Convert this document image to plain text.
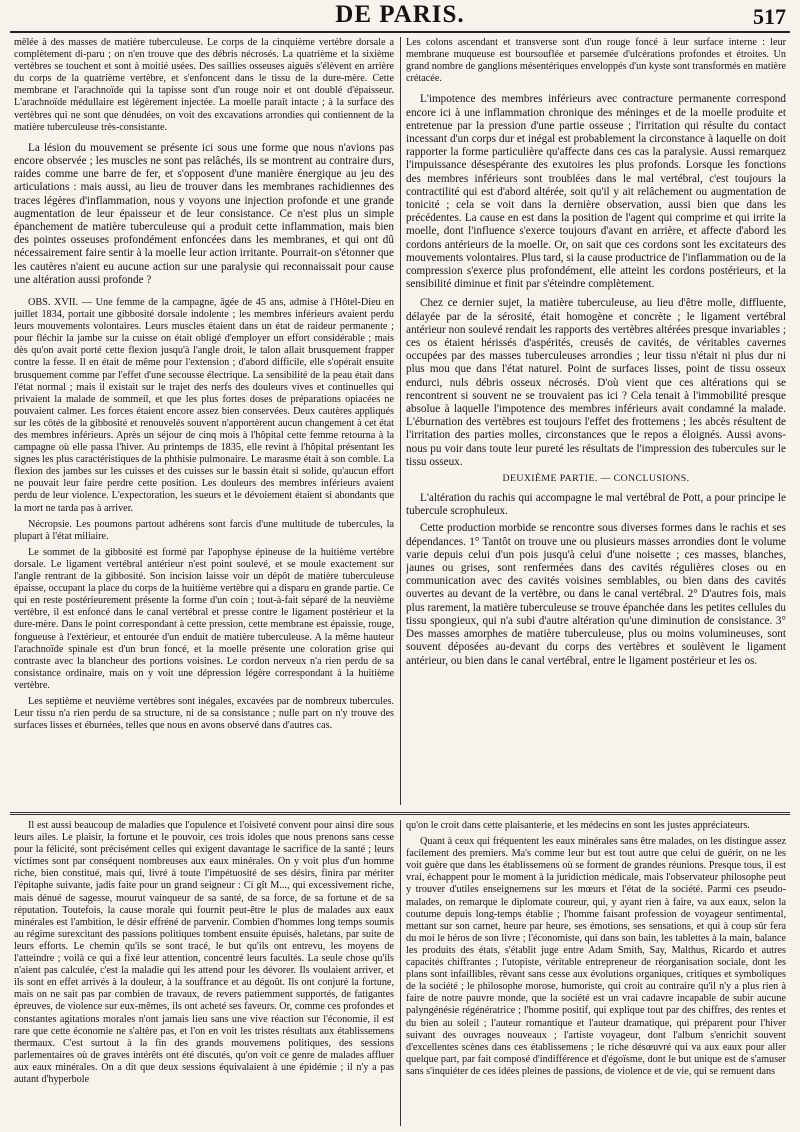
DE PARIS.	517

mêlée à des masses de matière tuberculeuse. Le corps de la cinquième vertèbre dorsale a complètement di-paru ; on n'en trouve que des débris nécrosés. La quatrième et la sixième vertèbres se touchent et sont à moitié usées. Des saillies osseuses aiguës s'élèvent en arrière du corps de la quatrième vertèbre, et s'enfoncent dans le tissu de la dure-mère. Cette membrane et l'arachnoïde qui la tapisse sont d'un rouge noir et ont doublé d'épaisseur. L'arachnoïde médullaire est légèrement injectée. La moelle paraît intacte ; à la surface des vertèbres qui ne sont que dénudées, on voit des excavations arrondies qui contiennent de la matière tuberculeuse très-consistante.

La lésion du mouvement se présente ici sous une forme que nous n'avions pas encore observée ; les muscles ne sont pas relâchés, ils se montrent au contraire durs, raides comme une barre de fer, et s'opposent d'une manière énergique au jeu des articulations : mais aussi, au lieu de trouver dans les membranes rachidiennes des traces légères d'inflammation, nous y voyons une injection profonde et une grande augmentation de leur épaisseur et de leur consistance. Ce n'est plus un simple épanchement de matière tuberculeuse qui a produit cette inflammation, mais bien des pointes osseuses profondément enfoncées dans les membranes, et qui ont dû nécessairement faire sentir à la moelle leur action irritante. Pourrait-on s'étonner que les cautères n'aient eu aucune action sur une paralysie qui reconnaissait pour cause une altération aussi profonde ?

OBS. XVII. — Une femme de la campagne, âgée de 45 ans, admise à l'Hôtel-Dieu en juillet 1834, portait une gibbosité dorsale indolente ; les membres inférieurs avaient perdu leurs mouvements volontaires. Leurs muscles étaient dans un état de raideur permanente ; pour fléchir la jambe sur la cuisse on était obligé d'employer un effort considérable ; mais dès qu'on avait porté cette flexion jusqu'à l'angle droit, le talon allait brusquement frapper contre la fesse. Il en était de même pour l'extension ; d'abord difficile, elle s'opérait ensuite brusquement comme par l'effet d'une secousse électrique. La sensibilité de la peau était dans l'état normal ; mais il existait sur le trajet des nerfs des douleurs vives et continuelles qui privaient la malade de sommeil, et que les plus fortes doses de préparations opiacées ne pouvaient calmer. Les forces étaient encore assez bien conservées. Deux cautères appliqués sur les côtés de la gibbosité et renouvelés souvent n'apportèrent aucun changement à cet état des membres inférieurs. Après un séjour de cinq mois à l'hôpital cette femme retourna à la campagne où elle passa l'hiver. Au printemps de 1835, elle revint à l'hôpital présentant les signes les plus caractéristiques de la phthisie pulmonaire. Le marasme était à son comble. La flexion des jambes sur les cuisses et des cuisses sur le bassin était si solide, qu'aucun effort ne pouvait leur faire perdre cette position. Les douleurs des membres inférieurs avaient perdu de leur violence. L'expectoration, les sueurs et le dévoiement étaient si abondants que la mort ne tarda pas à arriver.

Nécropsie. Les poumons partout adhérens sont farcis d'une multitude de tubercules, la plupart à l'état miliaire.

Le sommet de la gibbosité est formé par l'apophyse épineuse de la huitième vertèbre dorsale. Le ligament vertébral antérieur n'est point soulevé, et se moule exactement sur l'angle rentrant de la gibbosité. Son incision laisse voir un dépôt de matière tuberculeuse épaisse, occupant la place du corps de la huitième vertèbre qui a disparu en grande partie. Ce qui en reste postérieurement présente la forme d'un coin ; tout-à-fait séparé de la neuvième vertèbre, il est enfoncé dans le canal vertébral et presse contre le ligament postérieur et la dure-mère. Dans le point correspondant à cette pression, cette membrane est épaissie, rouge, fongueuse à l'extérieur, et entourée d'un enduit de matière tuberculeuse. A la même hauteur l'arachnoïde spinale est d'un brun foncé, et la moelle présente une coloration grise qui contraste avec la blancheur des portions voisines. Le cordon nerveux n'a rien perdu de sa consistance ordinaire, mais on y voit une dépression légère correspondant à la huitième vertèbre.

Les septième et neuvième vertèbres sont inégales, excavées par de nombreux tubercules. Leur tissu n'a rien perdu de sa structure, ni de sa consistance ; nulle part on n'y trouve des surfaces lisses et éburnées, telles que nous en avons observé dans d'autres cas.

Les colons ascendant et transverse sont d'un rouge foncé à leur surface interne : leur membrane muqueuse est boursouflée et parsemée d'ulcérations profondes et étroites. Un grand nombre de ganglions mésentériques enveloppés d'un kyste sont transformés en matière crétacée.

L'impotence des membres inférieurs avec contracture permanente correspond encore ici à une inflammation chronique des méninges et de la moelle produite et entretenue par la pression d'une partie osseuse ; l'irritation qui résulte du contact incessant d'un corps dur et inégal est probablement la circonstance à laquelle on doit rapporter la forme particulière qu'affecte dans ces cas la paralysie. Aussi remarquez l'impuissance désespérante des exutoires les plus profonds. Lorsque les fonctions des membres inférieurs sont troublées dans le mal vertébral, c'est toujours la contractilité qui est d'abord altérée, soit qu'il y ait relâchement ou augmentation de tonicité ; cela se voit dans la dernière observation, aussi bien que dans les précédentes. La cause en est dans la position de l'agent qui comprime et qui irrite la moelle, dont l'influence s'exerce toujours d'avant en arrière, et affecte d'abord les cordons antérieurs de la moelle. Or, on sait que ces cordons sont les excitateurs des mouvements volontaires. Plus tard, si la cause productrice de l'inflammation ou de la compression s'exerce plus profondément, elle atteint les cordons postérieurs, et la sensibilité diminue et finit par s'éteindre complètement.

Chez ce dernier sujet, la matière tuberculeuse, au lieu d'être molle, diffluente, délayée par de la sérosité, était homogène et concrète ; le ligament vertébral antérieur non soulevé rendait les rapports des vertèbres altérées presque invariables ; ces os étaient hérissés d'aspérités, creusés de cavités, de véritables cavernes occupées par des masses tuberculeuses arrondies ; leur tissu n'était ni plus dur ni plus mou que dans l'état naturel. Point de surfaces lisses, point de tissu osseux endurci, nuls débris osseux nécrosés. D'où vient que ces altérations qui se rencontrent si souvent ne se trouvaient pas ici ? Cela tenait à l'immobilité presque absolue à laquelle l'impotence des membres inférieurs avait condamné la malade. L'éburnation des vertèbres est toujours l'effet des frottemens ; les abcès résultent de l'irritation des parties molles, circonstances que le repos a éloignés. Aussi avons-nous pu voir dans toute leur pureté les résultats de l'impression des tubercules sur le tissu osseux.

DEUXIÈME PARTIE. — CONCLUSIONS.

L'altération du rachis qui accompagne le mal vertébral de Pott, a pour principe le tubercule scrophuleux.

Cette production morbide se rencontre sous diverses formes dans le rachis et ses dépendances. 1° Tantôt on trouve une ou plusieurs masses arrondies dont le volume varie depuis celui d'un pois jusqu'à celui d'une noisette ; ces masses, blanches, jaunes ou grises, sont renfermées dans des cavités régulières closes ou en communication avec des cavités voisines semblables, ou bien dans des cavités ouvertes au devant de la vertèbre, ou dans le canal vertébral. 2° D'autres fois, mais plus rarement, la matière tuberculeuse se trouve épanchée dans les petites cellules du tissu spongieux, qui n'a subi d'autre altération qu'une diminution de consistance. 3° Des masses amorphes de matière tuberculeuse, plus ou moins volumineuses, sont souvent déposées au-devant du corps des vertèbres et soulèvent le ligament antérieur, ou bien dans le canal vertébral, entre le ligament postérieur et les os.

Il est aussi beaucoup de maladies que l'opulence et l'oisiveté convent pour ainsi dire sous leurs ailes. Le plaisir, la fortune et le pouvoir, ces trois idoles que nous prenons sans cesse pour la félicité, sont précisément celles qui exigent davantage le sacrifice de la santé ; leurs victimes sont par conséquent nombreuses aux eaux minérales. On y voit plus d'un homme riche, bien constitué, mais qui, livré à toute l'impétuosité de ses désirs, finira par mériter l'épitaphe suivante, jadis faite pour un grand seigneur : Ci gît M..., qui excessivement riche, mais dénué de sagesse, mourut vainqueur de sa santé, de sa force, de sa fortune et de sa réputation. Toutefois, la cause morale qui fournit peut-être le plus de malades aux eaux minérales est l'ambition, le désir effréné de parvenir. Combien d'hommes long temps soumis au régime surexcitant des passions politiques tombent ensuite épuisés, haletans, par suite de leurs efforts. Le chemin qu'ils se sont tracé, le but qu'ils ont entrevu, les moyens de l'atteindre ; voilà ce qui a fixé leur attention, concentré leurs facultés. La seule chose qu'ils n'aient pas calculée, c'est la maladie qui les attend pour les dévorer. Ils voulaient arriver, et ils sont en effet arrivés à la douleur, à la souffrance et au dégoût. Ils ont conjuré la fortune, mais on ne sait pas par combien de travaux, de revers patiemment supportés, de fatigantes épreuves, de violence sur eux-mêmes, ils ont acheté ses faveurs. Or, comme ces profondes et constantes agitations morales n'ont jamais lieu sans une vive réaction sur l'économie, il est rare que cette économie ne s'altère pas, et l'on en voit les tristes résultats aux établissemens thermaux. C'est surtout à la fin des grands mouvemens politiques, des sessions parlementaires où de graves intérêts ont été discutés, qu'on voit ce genre de malades affluer aux eaux minérales. On a dit que deux sessions équivalaient à une épidémie ; il n'y a pas autant d'hyperbole

qu'on le croit dans cette plaisanterie, et les médecins en sont les justes appréciateurs.

Quant à ceux qui fréquentent les eaux minérales sans être malades, on les distingue assez facilement des premiers. Ma's comme leur but est tout autre que celui de guérir, on ne les voit guère que dans les établissemens où se forment de grandes réunions. Presque tous, il est vrai, échappent pour le moment à la juridiction médicale, mais l'observateur philosophe peut y trouver d'utiles enseignemens sur les mœurs et l'état de la société. Parmi ces pseudo-malades, on remarque le diplomate coureur, qui, y ayant rien à faire, va aux eaux, selon la coutume depuis long-temps établie ; l'homme faisant profession de voyageur sentimental, mettant sur son carnet, heure par heure, ses émotions, ses sensations, et qui à coup sûr fera du moi le héros de son livre ; l'économiste, qui dans son bain, les tablettes à la main, balance les produits des états, s'établit juge entre Adam Smith, Say, Malthus, Ricardo et autres capacités chiffrantes ; l'utopiste, véritable entrepreneur de réorganisation sociale, dont les plans sont infaillibles, rêvant sans cesse aux évolutions organiques, critiques et symboliques de la société ; le philosophe morose, humoriste, qui croit au contraire qu'il n'y a plus rien à faire de notre pauvre monde, que la société est un vrai cadavre incapable de subir aucune palyngénésie régénératrice ; l'homme positif, qui explique tout par des chiffres, des rentes et du bien au soleil ; l'auteur romantique et l'auteur dramatique, qui préparent pour l'hiver suivant des ouvrages nouveaux ; l'artiste voyageur, dont l'album s'enrichit souvent d'excellentes scènes dans ces établissemens ; le riche désœuvré qui va aux eaux pour aller quelque part, par fait composé d'indifférence et d'égoïsme, dont le but unique est de s'amuser sans s'inquiéter de ces idées pleines de passions, de violence et de vie, qui se remuent dans
